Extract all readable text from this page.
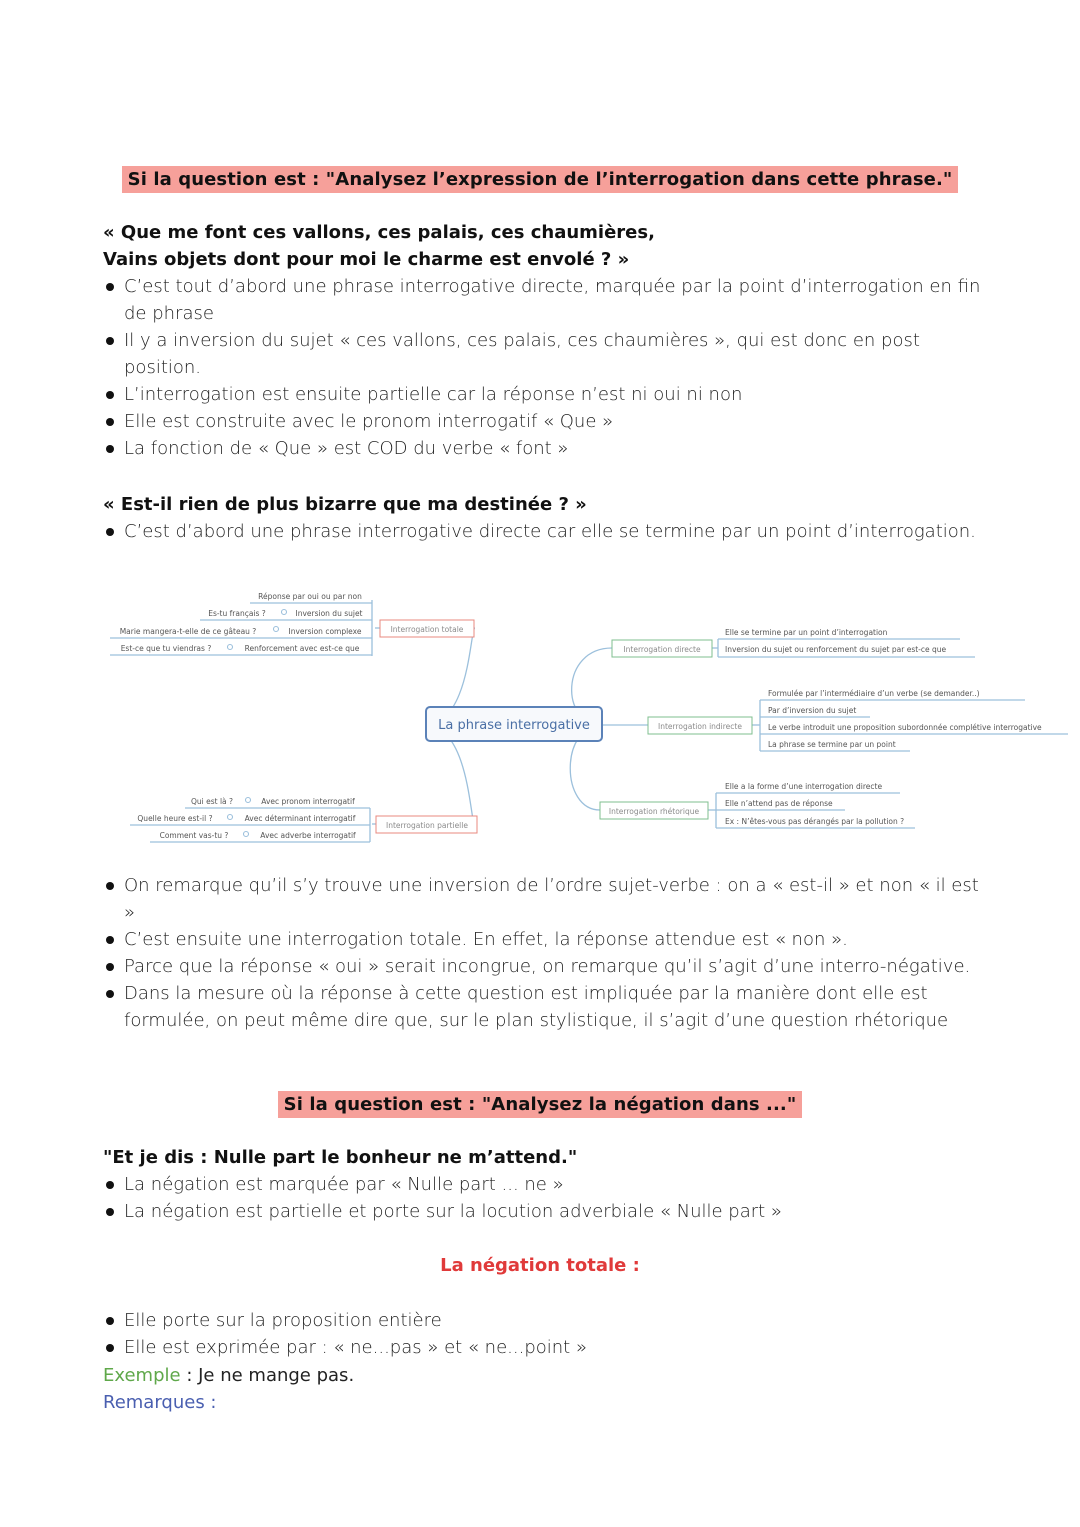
Si la question est : "Analysez l’expression de l’interrogation dans cette phrase."
« Que me font ces vallons, ces palais, ces chaumières,
Vains objets dont pour moi le charme est envolé ? »
C’est tout d’abord une phrase interrogative directe, marquée par la point d’interrogation en fin de phrase
Il y a inversion du sujet « ces vallons, ces palais, ces chaumières », qui est donc en post position.
L’interrogation est ensuite partielle car la réponse n’est ni oui ni non
Elle est construite avec le pronom interrogatif « Que »
La fonction de « Que » est COD du verbe « font »
« Est-il rien de plus bizarre que ma destinée ? »
C’est d’abord une phrase interrogative directe car elle se termine par un point d’interrogation.
La phrase interrogative
Interrogation totale
Réponse par oui ou par non
Es-tu français ?	Inversion du sujet
Marie mangera-t-elle de ce gâteau ?	Inversion complexe
Est-ce que tu viendras ?	Renforcement avec est-ce que
Interrogation partielle
Qui est là ?	Avec pronom interrogatif
Quelle heure est-il ?	Avec déterminant interrogatif
Comment vas-tu ?	Avec adverbe interrogatif
Interrogation directe
Elle se termine par un point d’interrogation
Inversion du sujet ou renforcement du sujet par est-ce que
Interrogation indirecte
Formulée par l’intermédiaire d’un verbe (se demander..)
Par d’inversion du sujet
Le verbe introduit une proposition subordonnée complétive interrogative
La phrase se termine par un point
Interrogation rhétorique
Elle a la forme d’une interrogation directe
Elle n’attend pas de réponse
Ex : N’êtes-vous pas dérangés par la pollution ?
On remarque qu’il s’y trouve une inversion de l’ordre sujet-verbe : on a « est-il » et non « il est »
C’est ensuite une interrogation totale. En effet, la réponse attendue est « non ».
Parce que la réponse « oui » serait incongrue, on remarque qu’il s’agit d’une interro-négative.
Dans la mesure où la réponse à cette question est impliquée par la manière dont elle est formulée, on peut même dire que, sur le plan stylistique, il s’agit d’une question rhétorique
Si la question est : "Analysez la négation dans ..."
"Et je dis : Nulle part le bonheur ne m’attend."
La négation est marquée par « Nulle part ... ne »
La négation est partielle et porte sur la locution adverbiale « Nulle part »
La négation totale :
Elle porte sur la proposition entière
Elle est exprimée par : « ne...pas » et « ne...point »
Exemple : Je ne mange pas.
Remarques :
